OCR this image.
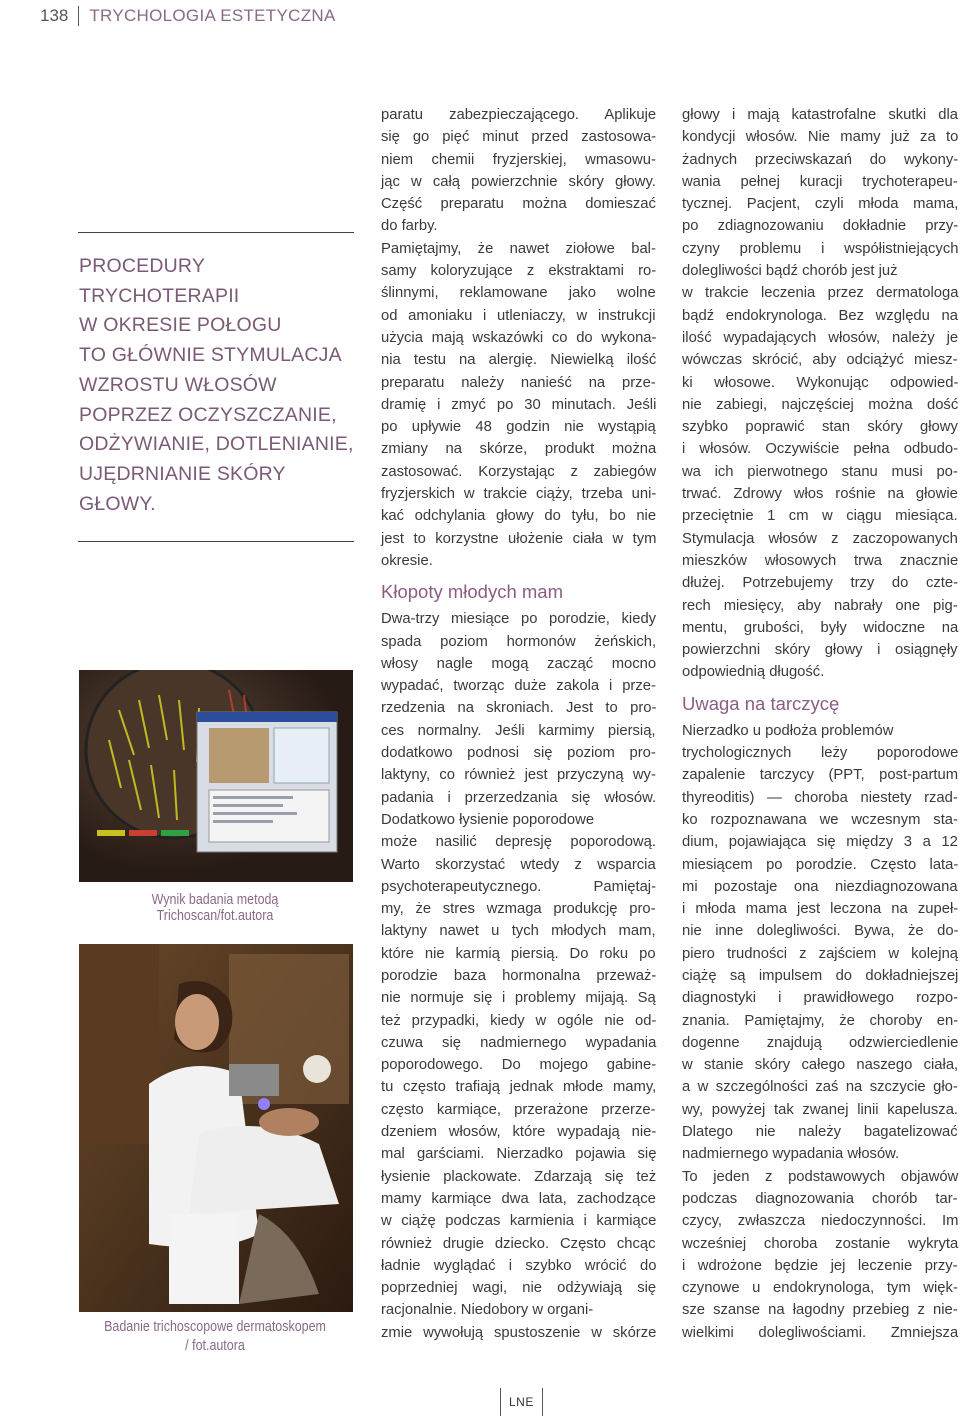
138	TRYCHOLOGIA ESTETYCZNA
PROCEDURY
TRYCHOTERAPII
W OKRESIE POŁOGU
TO GŁÓWNIE STYMULACJA
WZROSTU WŁOSÓW
POPRZEZ OCZYSZCZANIE,
ODŻYWIANIE, DOTLENIANIE,
UJĘDRNIANIE SKÓRY
GŁOWY.
Wynik badania metodą Trichoscan/fot.autora
Badanie trichoscopowe dermatoskopem
/ fot.autora
paratu zabezpieczającego. Aplikuje
się go pięć minut przed zastosowa-
niem chemii fryzjerskiej, wmasowu-
jąc w całą powierzchnie skóry głowy.
Część preparatu można domieszać
do farby.
Pamiętajmy, że nawet ziołowe bal-
samy koloryzujące z ekstraktami ro-
ślinnymi, reklamowane jako wolne
od amoniaku i utleniaczy, w instrukcji
użycia mają wskazówki co do wykona-
nia testu na alergię. Niewielką ilość
preparatu należy nanieść na prze-
dramię i zmyć po 30 minutach. Jeśli
po upływie 48 godzin nie wystąpią
zmiany na skórze, produkt można
zastosować. Korzystając z zabiegów
fryzjerskich w trakcie ciąży, trzeba uni-
kać odchylania głowy do tyłu, bo nie
jest to korzystne ułożenie ciała w tym
okresie.
Kłopoty młodych mam
Dwa-trzy miesiące po porodzie, kiedy
spada poziom hormonów żeńskich,
włosy nagle mogą zacząć mocno
wypadać, tworząc duże zakola i prze-
rzedzenia na skroniach. Jest to pro-
ces normalny. Jeśli karmimy piersią,
dodatkowo podnosi się poziom pro-
laktyny, co również jest przyczyną wy-
padania i przerzedzania się włosów.
Dodatkowo łysienie poporodowe
może nasilić depresję poporodową.
Warto skorzystać wtedy z wsparcia
psychoterapeutycznego. Pamiętaj-
my, że stres wzmaga produkcję pro-
laktyny nawet u tych młodych mam,
które nie karmią piersią. Do roku po
porodzie baza hormonalna przeważ-
nie normuje się i problemy mijają. Są
też przypadki, kiedy w ogóle nie od-
czuwa się nadmiernego wypadania
poporodowego. Do mojego gabine-
tu często trafiają jednak młode mamy,
często karmiące, przerażone przerze-
dzeniem włosów, które wypadają nie-
mal garściami. Nierzadko pojawia się
łysienie plackowate. Zdarzają się też
mamy karmiące dwa lata, zachodzące
w ciążę podczas karmienia i karmiące
również drugie dziecko. Często chcąc
ładnie wyglądać i szybko wrócić do
poprzedniej wagi, nie odżywiają się
racjonalnie. Niedobory w organi-
zmie wywołują spustoszenie w skórze
głowy i mają katastrofalne skutki dla
kondycji włosów. Nie mamy już za to
żadnych przeciwskazań do wykony-
wania pełnej kuracji trychoterapeu-
tycznej. Pacjent, czyli młoda mama,
po zdiagnozowaniu dokładnie przy-
czyny problemu i współistniejących
dolegliwości bądź chorób jest już
w trakcie leczenia przez dermatologa
bądź endokrynologa. Bez względu na
ilość wypadających włosów, należy je
wówczas skrócić, aby odciążyć miesz-
ki włosowe. Wykonując odpowied-
nie zabiegi, najczęściej można dość
szybko poprawić stan skóry głowy
i włosów. Oczywiście pełna odbudo-
wa ich pierwotnego stanu musi po-
trwać. Zdrowy włos rośnie na głowie
przeciętnie 1 cm w ciągu miesiąca.
Stymulacja włosów z zaczopowanych
mieszków włosowych trwa znacznie
dłużej. Potrzebujemy trzy do czte-
rech miesięcy, aby nabrały one pig-
mentu, grubości, były widoczne na
powierzchni skóry głowy i osiągnęły
odpowiednią długość.
Uwaga na tarczycę
Nierzadko u podłoża problemów
trychologicznych leży poporodowe
zapalenie tarczycy (PPT, post-partum
thyreoditis) — choroba niestety rzad-
ko rozpoznawana we wczesnym sta-
dium, pojawiająca się między 3 a 12
miesiącem po porodzie. Często lata-
mi pozostaje ona niezdiagnozowana
i młoda mama jest leczona na zupeł-
nie inne dolegliwości. Bywa, że do-
piero trudności z zajściem w kolejną
ciążę są impulsem do dokładniejszej
diagnostyki i prawidłowego rozpo-
znania. Pamiętajmy, że choroby en-
dogenne znajdują odzwierciedlenie
w stanie skóry całego naszego ciała,
a w szczególności zaś na szczycie gło-
wy, powyżej tak zwanej linii kapelusza.
Dlatego nie należy bagatelizować
nadmiernego wypadania włosów.
To jeden z podstawowych objawów
podczas diagnozowania chorób tar-
czycy, zwłaszcza niedoczynności. Im
wcześniej choroba zostanie wykryta
i wdrożone będzie jej leczenie przy-
czynowe u endokrynologa, tym więk-
sze szanse na łagodny przebieg z nie-
wielkimi dolegliwościami. Zmniejsza
LNE
